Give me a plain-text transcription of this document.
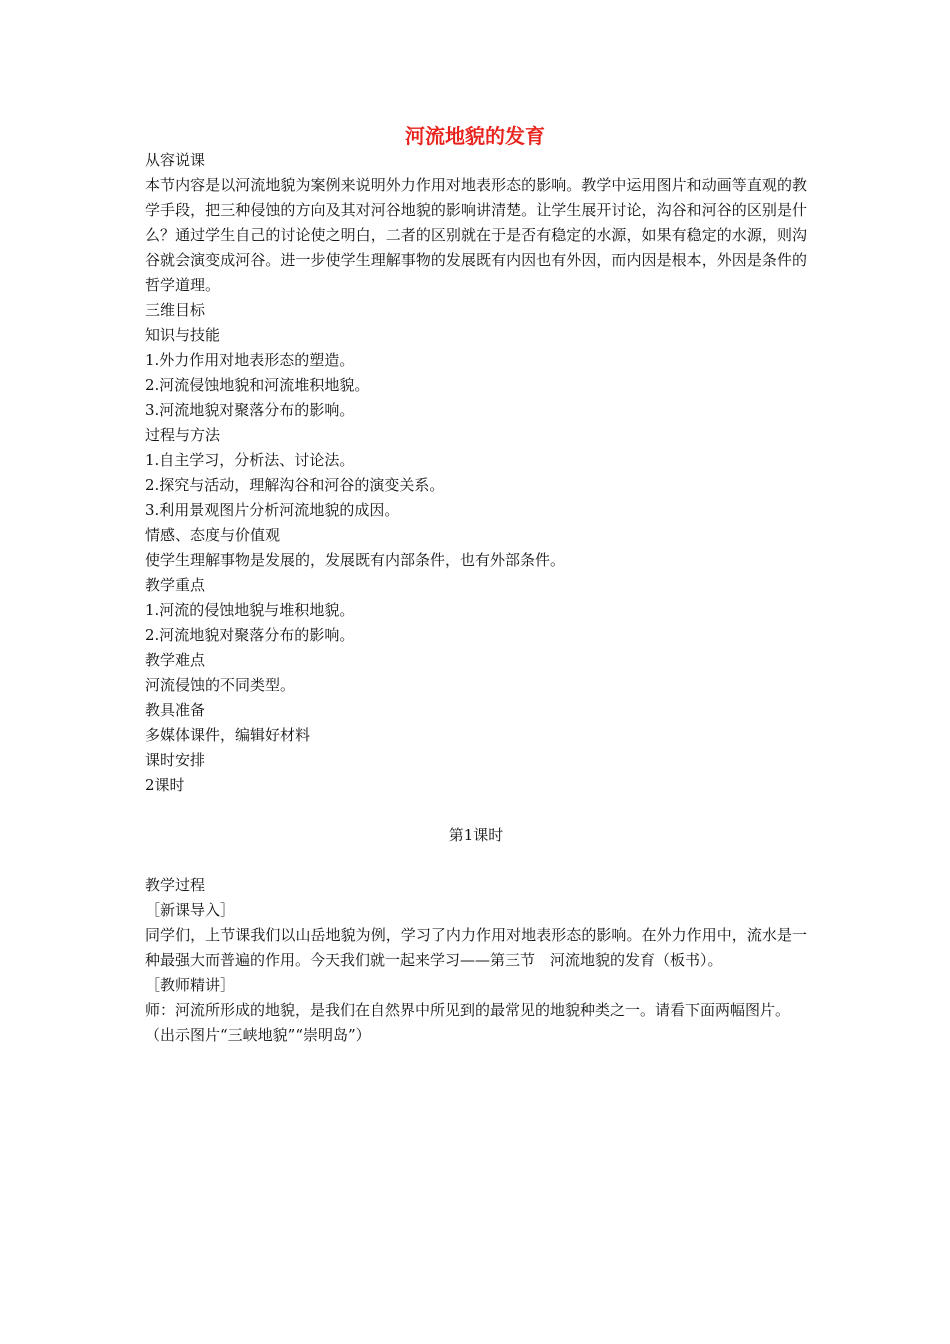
河流地貌的发育

从容说课

本节内容是以河流地貌为案例来说明外力作用对地表形态的影响。教学中运用图片和动画等直观的教学手段，把三种侵蚀的方向及其对河谷地貌的影响讲清楚。让学生展开讨论，沟谷和河谷的区别是什么？通过学生自己的讨论使之明白，二者的区别就在于是否有稳定的水源，如果有稳定的水源，则沟谷就会演变成河谷。进一步使学生理解事物的发展既有内因也有外因，而内因是根本，外因是条件的哲学道理。

三维目标

知识与技能

1.外力作用对地表形态的塑造。

2.河流侵蚀地貌和河流堆积地貌。

3.河流地貌对聚落分布的影响。

过程与方法

1.自主学习，分析法、讨论法。

2.探究与活动，理解沟谷和河谷的演变关系。

3.利用景观图片分析河流地貌的成因。

情感、态度与价值观

使学生理解事物是发展的，发展既有内部条件，也有外部条件。

教学重点

1.河流的侵蚀地貌与堆积地貌。

2.河流地貌对聚落分布的影响。

教学难点

河流侵蚀的不同类型。

教具准备

多媒体课件，编辑好材料

课时安排

2课时

第1课时

教学过程

［新课导入］

同学们，上节课我们以山岳地貌为例，学习了内力作用对地表形态的影响。在外力作用中，流水是一种最强大而普遍的作用。今天我们就一起来学习——第三节　河流地貌的发育（板书）。

［教师精讲］

师：河流所形成的地貌，是我们在自然界中所见到的最常见的地貌种类之一。请看下面两幅图片。

（出示图片“三峡地貌”“崇明岛”）
